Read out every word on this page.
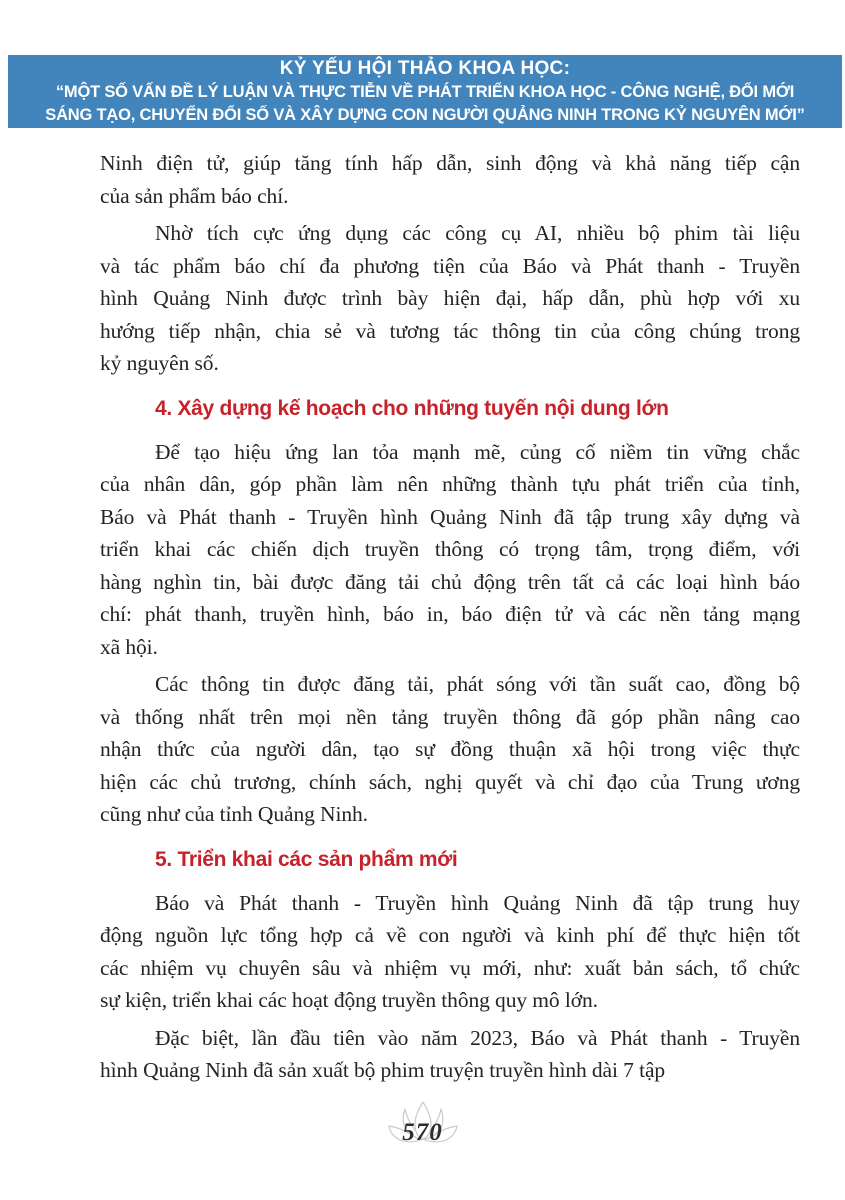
KỶ YẾU HỘI THẢO KHOA HỌC:
“MỘT SỐ VẤN ĐỀ LÝ LUẬN VÀ THỰC TIỄN VỀ PHÁT TRIỂN KHOA HỌC - CÔNG NGHỆ, ĐỔI MỚI
SÁNG TẠO, CHUYỂN ĐỔI SỐ VÀ XÂY DỰNG CON NGƯỜI QUẢNG NINH TRONG KỶ NGUYÊN MỚI”
Ninh điện tử, giúp tăng tính hấp dẫn, sinh động và khả năng tiếp cận
của sản phẩm báo chí.
Nhờ tích cực ứng dụng các công cụ AI, nhiều bộ phim tài liệu
và tác phẩm báo chí đa phương tiện của Báo và Phát thanh - Truyền
hình Quảng Ninh được trình bày hiện đại, hấp dẫn, phù hợp với xu
hướng tiếp nhận, chia sẻ và tương tác thông tin của công chúng trong
kỷ nguyên số.
4. Xây dựng kế hoạch cho những tuyến nội dung lớn
Để tạo hiệu ứng lan tỏa mạnh mẽ, củng cố niềm tin vững chắc
của nhân dân, góp phần làm nên những thành tựu phát triển của tỉnh,
Báo và Phát thanh - Truyền hình Quảng Ninh đã tập trung xây dựng và
triển khai các chiến dịch truyền thông có trọng tâm, trọng điểm, với
hàng nghìn tin, bài được đăng tải chủ động trên tất cả các loại hình báo
chí: phát thanh, truyền hình, báo in, báo điện tử và các nền tảng mạng
xã hội.
Các thông tin được đăng tải, phát sóng với tần suất cao, đồng bộ
và thống nhất trên mọi nền tảng truyền thông đã góp phần nâng cao
nhận thức của người dân, tạo sự đồng thuận xã hội trong việc thực
hiện các chủ trương, chính sách, nghị quyết và chỉ đạo của Trung ương
cũng như của tỉnh Quảng Ninh.
5. Triển khai các sản phẩm mới
Báo và Phát thanh - Truyền hình Quảng Ninh đã tập trung huy
động nguồn lực tổng hợp cả về con người và kinh phí để thực hiện tốt
các nhiệm vụ chuyên sâu và nhiệm vụ mới, như: xuất bản sách, tổ chức
sự kiện, triển khai các hoạt động truyền thông quy mô lớn.
Đặc biệt, lần đầu tiên vào năm 2023, Báo và Phát thanh - Truyền
hình Quảng Ninh đã sản xuất bộ phim truyện truyền hình dài 7 tập
570
